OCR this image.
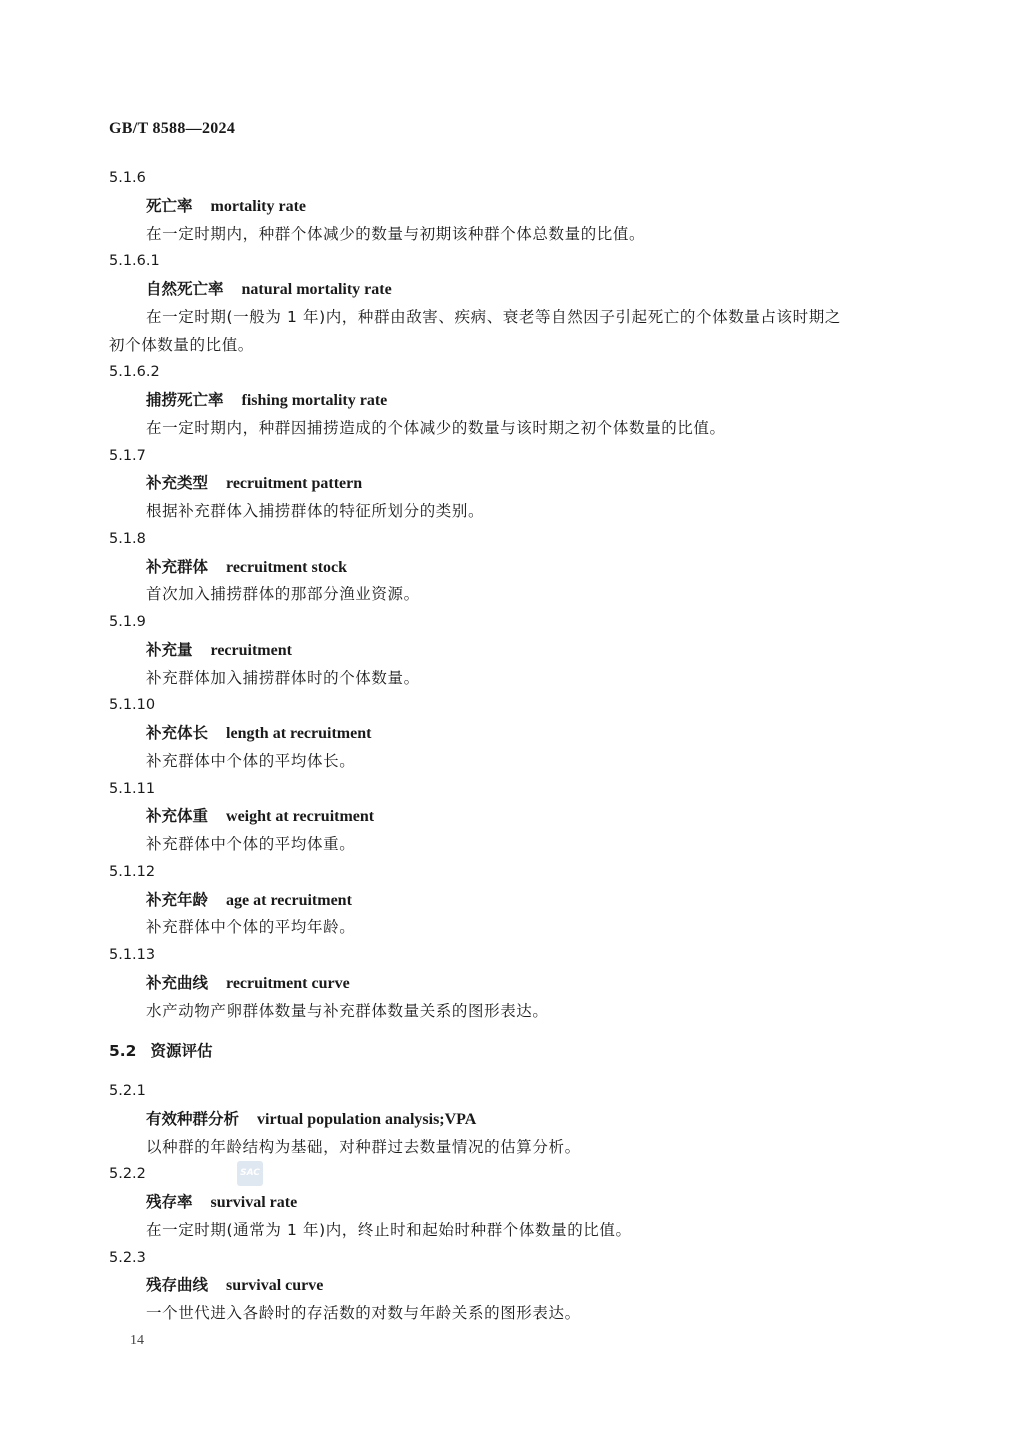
GB/T 8588—2024
5.1.6
死亡率 mortality rate
在一定时期内，种群个体减少的数量与初期该种群个体总数量的比值。
5.1.6.1
自然死亡率 natural mortality rate
在一定时期(一般为 1 年)内，种群由敌害、疾病、衰老等自然因子引起死亡的个体数量占该时期之
初个体数量的比值。
5.1.6.2
捕捞死亡率 fishing mortality rate
在一定时期内，种群因捕捞造成的个体减少的数量与该时期之初个体数量的比值。
5.1.7
补充类型 recruitment pattern
根据补充群体入捕捞群体的特征所划分的类别。
5.1.8
补充群体 recruitment stock
首次加入捕捞群体的那部分渔业资源。
5.1.9
补充量 recruitment
补充群体加入捕捞群体时的个体数量。
5.1.10
补充体长 length at recruitment
补充群体中个体的平均体长。
5.1.11
补充体重 weight at recruitment
补充群体中个体的平均体重。
5.1.12
补充年龄 age at recruitment
补充群体中个体的平均年龄。
5.1.13
补充曲线 recruitment curve
水产动物产卵群体数量与补充群体数量关系的图形表达。
5.2 资源评估
5.2.1
有效种群分析 virtual population analysis;VPA
以种群的年龄结构为基础，对种群过去数量情况的估算分析。
5.2.2
残存率 survival rate
在一定时期(通常为 1 年)内，终止时和起始时种群个体数量的比值。
5.2.3
残存曲线 survival curve
一个世代进入各龄时的存活数的对数与年龄关系的图形表达。
SAC
14
